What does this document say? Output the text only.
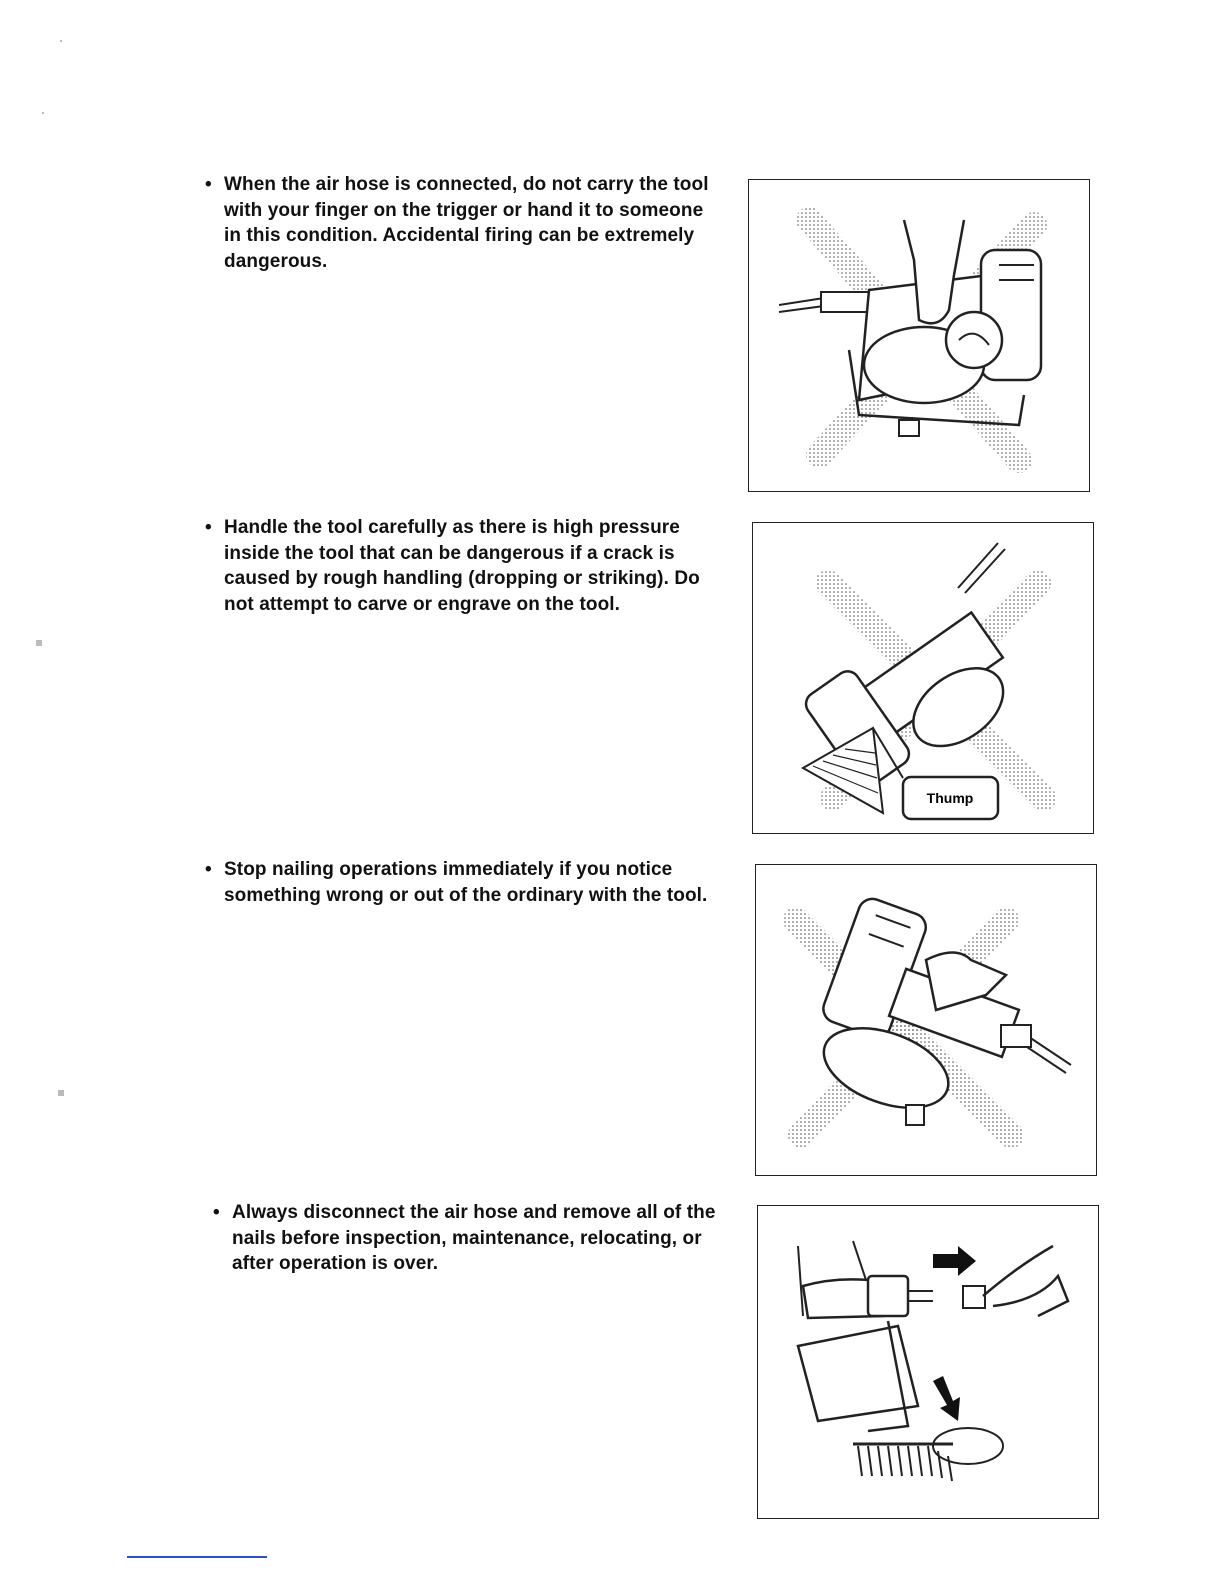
• When the air hose is connected, do not carry the tool with your finger on the trigger or hand it to someone in this condition. Accidental firing can be extremely dangerous.
• Handle the tool carefully as there is high pressure inside the tool that can be dangerous if a crack is caused by rough handling (dropping or striking). Do not attempt to carve or engrave on the tool.
Thump
• Stop nailing operations immediately if you notice something wrong or out of the ordinary with the tool.
• Always disconnect the air hose and remove all of the nails before inspection, maintenance, relocating, or after operation is over.
